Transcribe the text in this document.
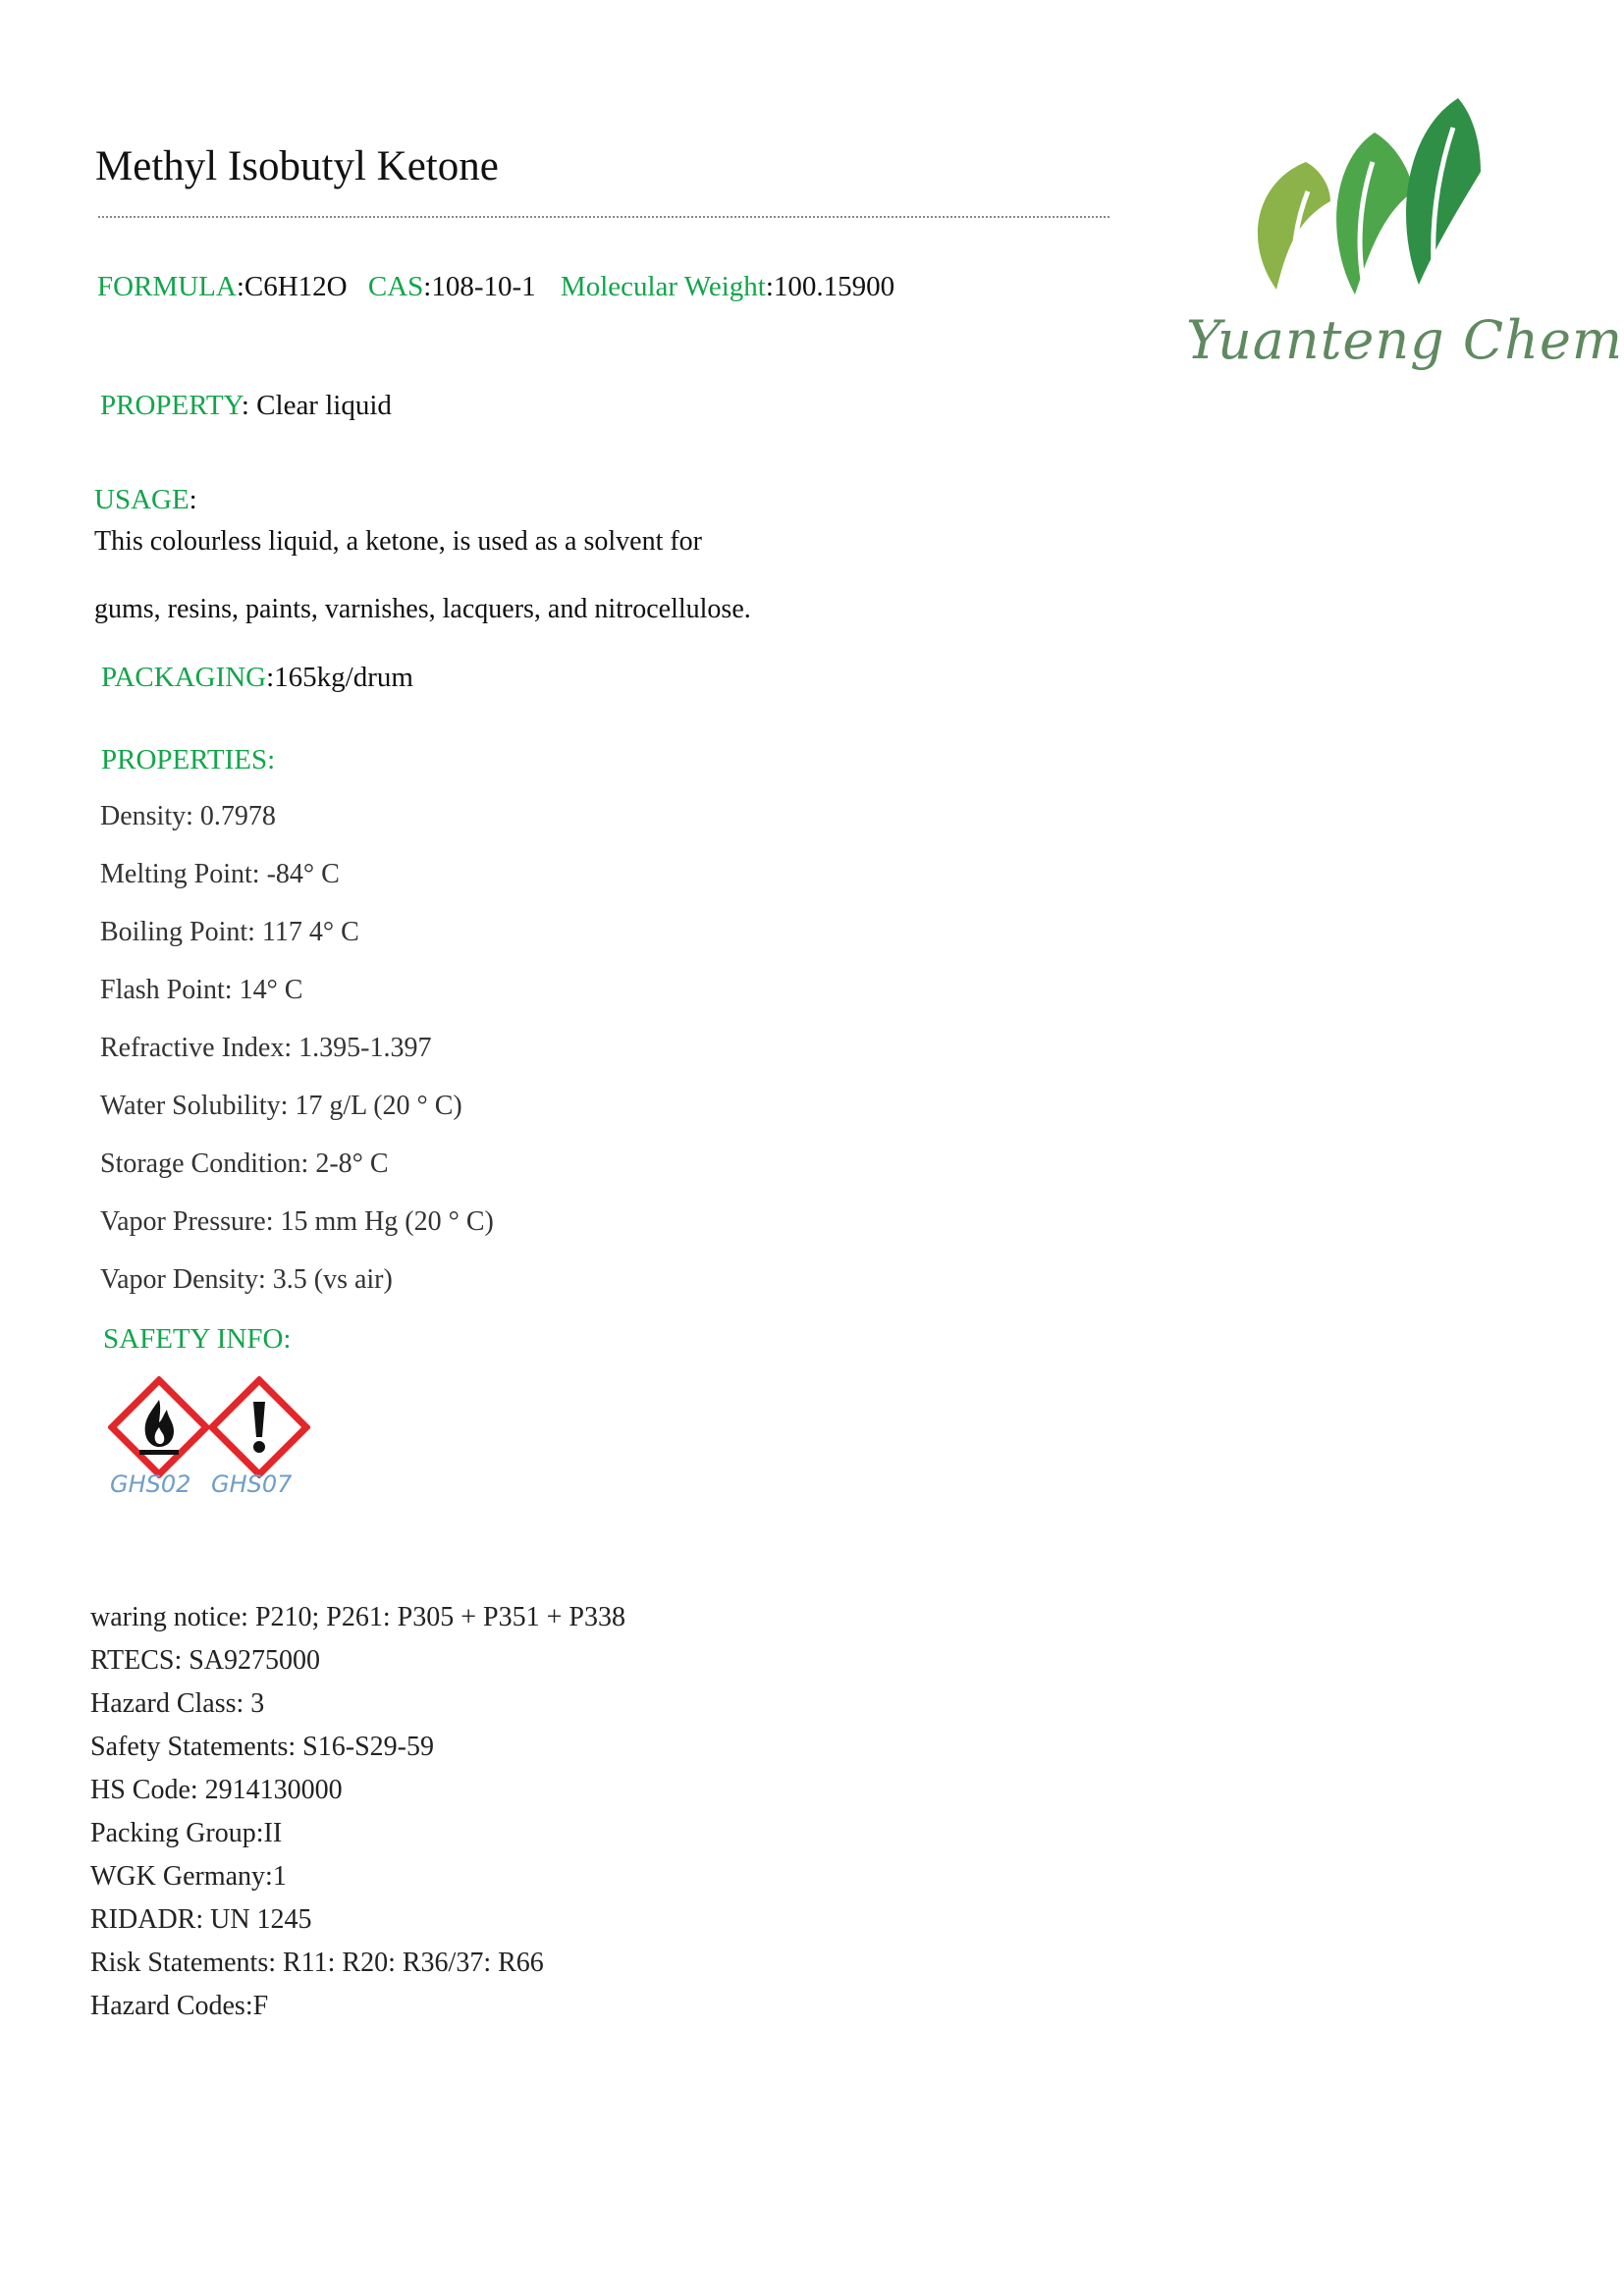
Methyl Isobutyl Ketone
Yuanteng Chem
FORMULA:C6H12O CAS:108-10-1 Molecular Weight:100.15900
PROPERTY: Clear liquid
USAGE:
This colourless liquid, a ketone, is used as a solvent for
gums, resins, paints, varnishes, lacquers, and nitrocellulose.
PACKAGING:165kg/drum
PROPERTIES:
Density: 0.7978
Melting Point: -84° C
Boiling Point: 117 4° C
Flash Point: 14° C
Refractive Index: 1.395-1.397
Water Solubility: 17 g/L (20 ° C)
Storage Condition: 2-8° C
Vapor Pressure: 15 mm Hg (20 ° C)
Vapor Density: 3.5 (vs air)
SAFETY INFO:
GHS02 GHS07
waring notice: P210; P261: P305 + P351 + P338
RTECS: SA9275000
Hazard Class: 3
Safety Statements: S16-S29-59
HS Code: 2914130000
Packing Group:II
WGK Germany:1
RIDADR: UN 1245
Risk Statements: R11: R20: R36/37: R66
Hazard Codes:F
